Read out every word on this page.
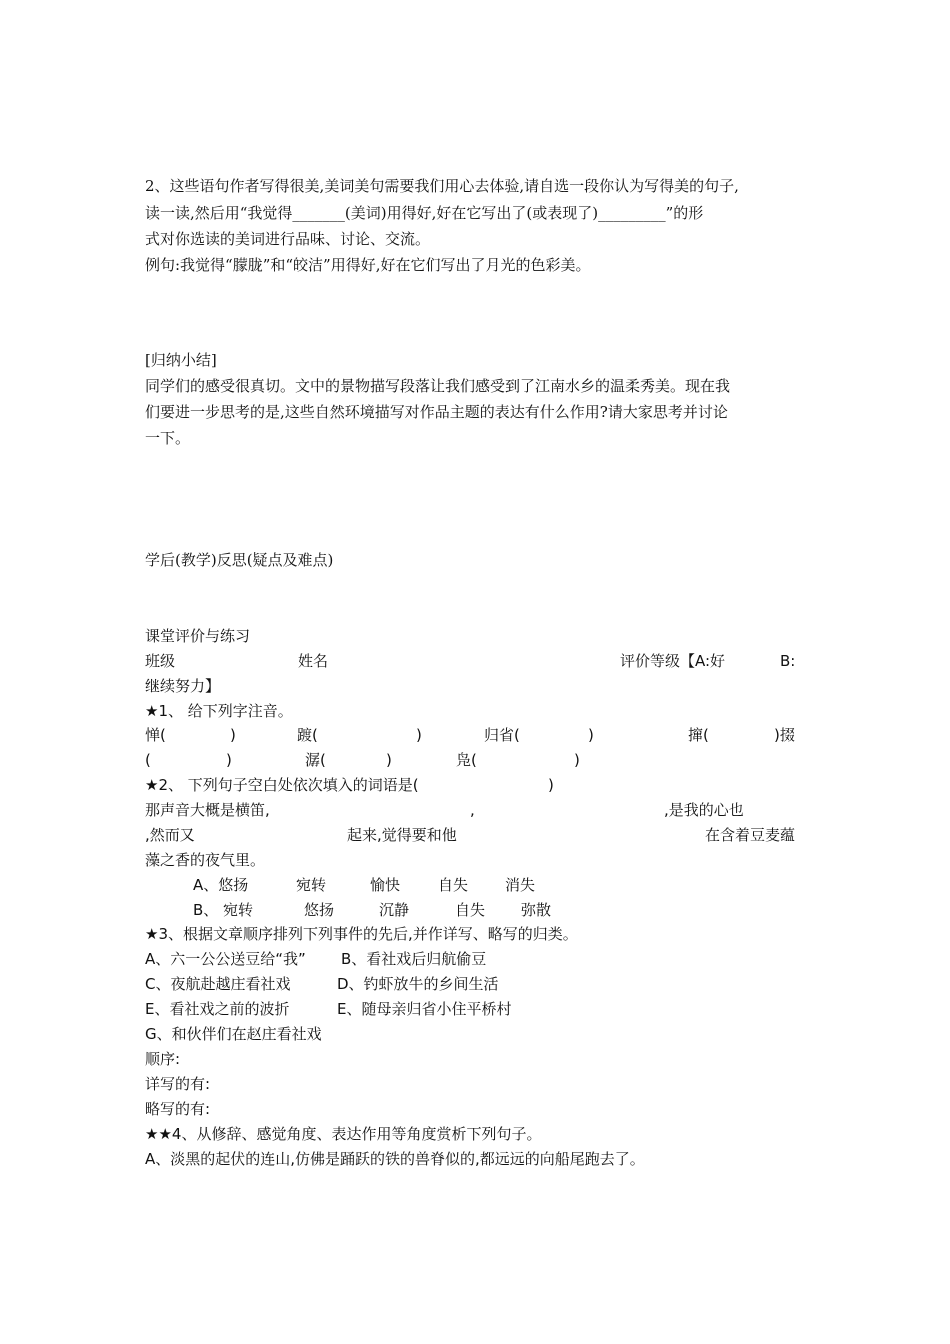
2、这些语句作者写得很美,美词美句需要我们用心去体验,请自选一段你认为写得美的句子,
读一读,然后用“我觉得_______(美词)用得好,好在它写出了(或表现了)_________”的形
式对你选读的美词进行品味、讨论、交流。
例句:我觉得“朦胧”和“皎洁”用得好,好在它们写出了月光的色彩美。
[归纳小结]
同学们的感受很真切。文中的景物描写段落让我们感受到了江南水乡的温柔秀美。现在我
们要进一步思考的是,这些自然环境描写对作品主题的表达有什么作用?请大家思考并讨论
一下。
学后(教学)反思(疑点及难点)
课堂评价与练习
班级	姓名	评价等级【A:好	B:
继续努力】
★1、 给下列字注音。
惮(	)	踱(	)	归省(	)	撺(	)掇
(	)	潺(	)	凫(	)
★2、 下列句子空白处依次填入的词语是(	)
那声音大概是横笛,	,	,是我的心也
,然而又	起来,觉得要和他	在含着豆麦蕴
藻之香的夜气里。
A、悠扬	宛转	愉快	自失 消失
B、 宛转	悠扬	沉静	自失 弥散
★3、根据文章顺序排列下列事件的先后,并作详写、略写的归类。
A、六一公公送豆给“我” B、看社戏后归航偷豆
C、夜航赴越庄看社戏	D、钓虾放牛的乡间生活
E、看社戏之前的波折	E、随母亲归省小住平桥村
G、和伙伴们在赵庄看社戏
顺序:
详写的有:
略写的有:
★★4、从修辞、感觉角度、表达作用等角度赏析下列句子。
A、淡黑的起伏的连山,仿佛是踊跃的铁的兽脊似的,都远远的向船尾跑去了。
